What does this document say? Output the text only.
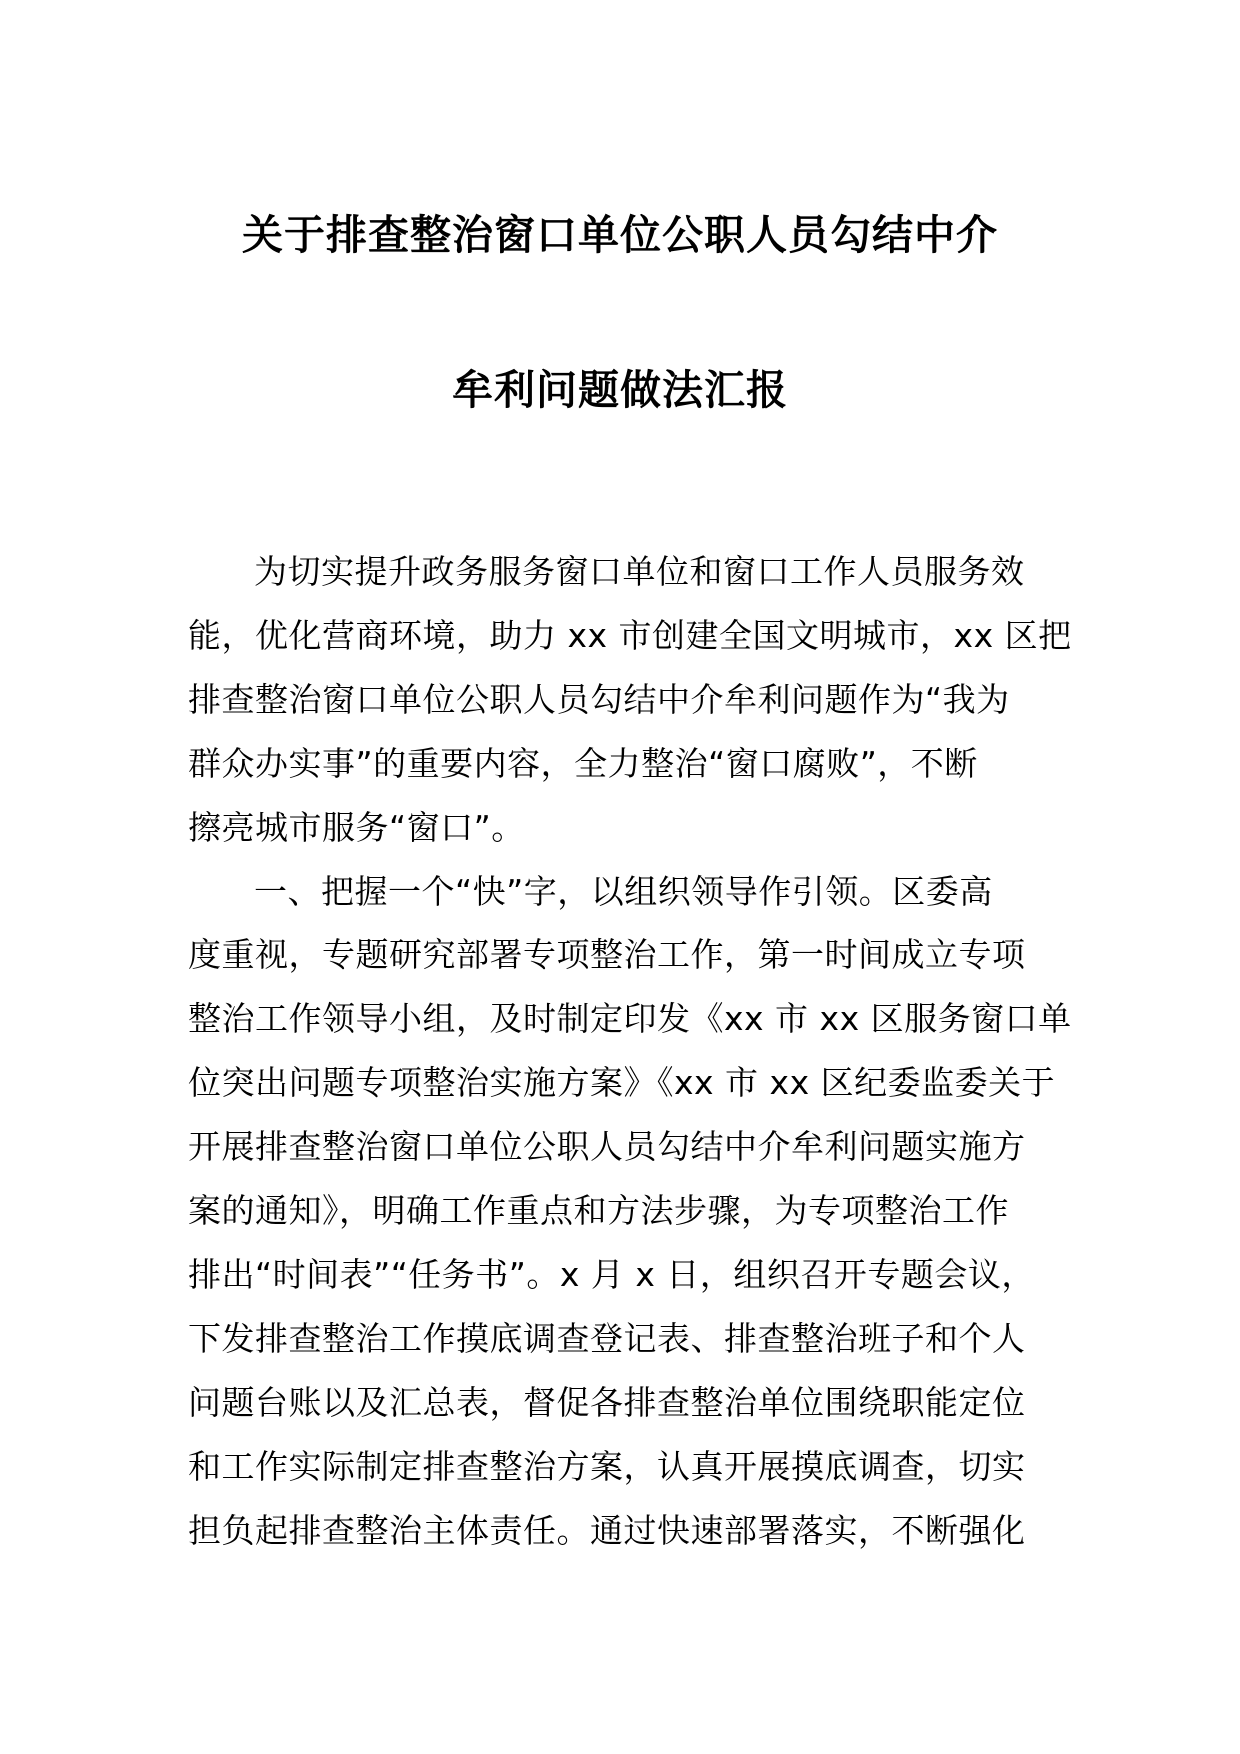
关于排查整治窗口单位公职人员勾结中介
牟利问题做法汇报

为切实提升政务服务窗口单位和窗口工作人员服务效
能，优化营商环境，助力 xx 市创建全国文明城市，xx 区把
排查整治窗口单位公职人员勾结中介牟利问题作为“我为
群众办实事”的重要内容，全力整治“窗口腐败”，不断
擦亮城市服务“窗口”。

一、把握一个“快”字，以组织领导作引领。区委高
度重视，专题研究部署专项整治工作，第一时间成立专项
整治工作领导小组，及时制定印发《xx 市 xx 区服务窗口单
位突出问题专项整治实施方案》《xx 市 xx 区纪委监委关于
开展排查整治窗口单位公职人员勾结中介牟利问题实施方
案的通知》，明确工作重点和方法步骤，为专项整治工作
排出“时间表”“任务书”。x 月 x 日，组织召开专题会议，
下发排查整治工作摸底调查登记表、排查整治班子和个人
问题台账以及汇总表，督促各排查整治单位围绕职能定位
和工作实际制定排查整治方案，认真开展摸底调查，切实
担负起排查整治主体责任。通过快速部署落实，不断强化
